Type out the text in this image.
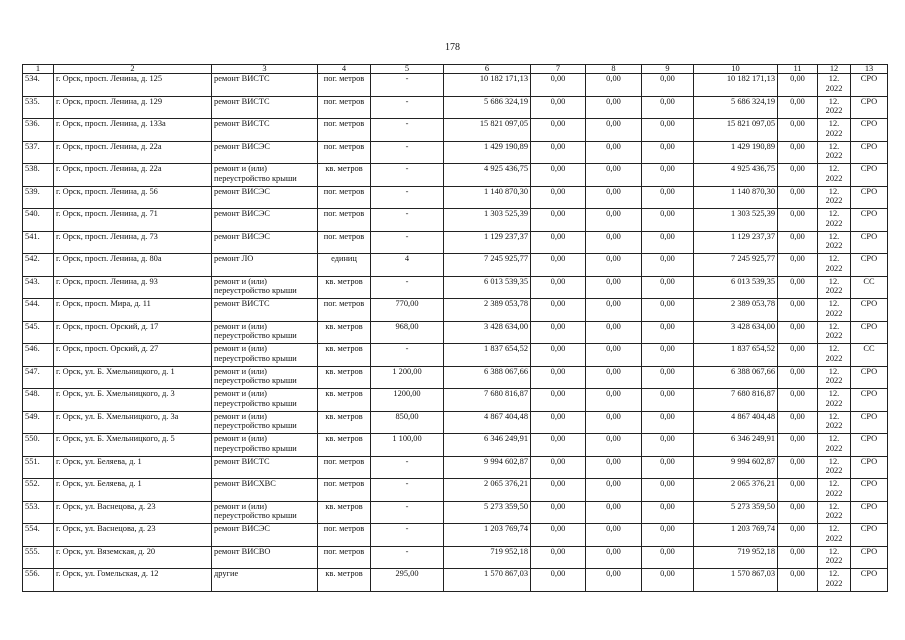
178
1	2	3	4	5	6	7	8	9	10	11	12	13
534.	г. Орск, просп. Ленина, д. 125	ремонт ВИСТС	пог. метров	-	10 182 171,13	0,00	0,00	0,00	10 182 171,13	0,00	12. 2022	СРО
535.	г. Орск, просп. Ленина, д. 129	ремонт ВИСТС	пог. метров	-	5 686 324,19	0,00	0,00	0,00	5 686 324,19	0,00	12. 2022	СРО
536.	г. Орск, просп. Ленина, д. 133а	ремонт ВИСТС	пог. метров	-	15 821 097,05	0,00	0,00	0,00	15 821 097,05	0,00	12. 2022	СРО
537.	г. Орск, просп. Ленина, д. 22а	ремонт ВИСЭС	пог. метров	-	1 429 190,89	0,00	0,00	0,00	1 429 190,89	0,00	12. 2022	СРО
538.	г. Орск, просп. Ленина, д. 22а	ремонт и (или) переустройство крыши	кв. метров	-	4 925 436,75	0,00	0,00	0,00	4 925 436,75	0,00	12. 2022	СРО
539.	г. Орск, просп. Ленина, д. 56	ремонт ВИСЭС	пог. метров	-	1 140 870,30	0,00	0,00	0,00	1 140 870,30	0,00	12. 2022	СРО
540.	г. Орск, просп. Ленина, д. 71	ремонт ВИСЭС	пог. метров	-	1 303 525,39	0,00	0,00	0,00	1 303 525,39	0,00	12. 2022	СРО
541.	г. Орск, просп. Ленина, д. 73	ремонт ВИСЭС	пог. метров	-	1 129 237,37	0,00	0,00	0,00	1 129 237,37	0,00	12. 2022	СРО
542.	г. Орск, просп. Ленина, д. 80а	ремонт ЛО	единиц	4	7 245 925,77	0,00	0,00	0,00	7 245 925,77	0,00	12. 2022	СРО
543.	г. Орск, просп. Ленина, д. 93	ремонт и (или) переустройство крыши	кв. метров	-	6 013 539,35	0,00	0,00	0,00	6 013 539,35	0,00	12. 2022	СС
544.	г. Орск, просп. Мира, д. 11	ремонт ВИСТС	пог. метров	770,00	2 389 053,78	0,00	0,00	0,00	2 389 053,78	0,00	12. 2022	СРО
545.	г. Орск, просп. Орский, д. 17	ремонт и (или) переустройство крыши	кв. метров	968,00	3 428 634,00	0,00	0,00	0,00	3 428 634,00	0,00	12. 2022	СРО
546.	г. Орск, просп. Орский, д. 27	ремонт и (или) переустройство крыши	кв. метров	-	1 837 654,52	0,00	0,00	0,00	1 837 654,52	0,00	12. 2022	СС
547.	г. Орск, ул. Б. Хмельницкого, д. 1	ремонт и (или) переустройство крыши	кв. метров	1 200,00	6 388 067,66	0,00	0,00	0,00	6 388 067,66	0,00	12. 2022	СРО
548.	г. Орск, ул. Б. Хмельницкого, д. 3	ремонт и (или) переустройство крыши	кв. метров	1200,00	7 680 816,87	0,00	0,00	0,00	7 680 816,87	0,00	12. 2022	СРО
549.	г. Орск, ул. Б. Хмельницкого, д. 3а	ремонт и (или) переустройство крыши	кв. метров	850,00	4 867 404,48	0,00	0,00	0,00	4 867 404,48	0,00	12. 2022	СРО
550.	г. Орск, ул. Б. Хмельницкого, д. 5	ремонт и (или) переустройство крыши	кв. метров	1 100,00	6 346 249,91	0,00	0,00	0,00	6 346 249,91	0,00	12. 2022	СРО
551.	г. Орск, ул. Беляева, д. 1	ремонт ВИСТС	пог. метров	-	9 994 602,87	0,00	0,00	0,00	9 994 602,87	0,00	12. 2022	СРО
552.	г. Орск, ул. Беляева, д. 1	ремонт ВИСХВС	пог. метров	-	2 065 376,21	0,00	0,00	0,00	2 065 376,21	0,00	12. 2022	СРО
553.	г. Орск, ул. Васнецова, д. 23	ремонт и (или) переустройство крыши	кв. метров	-	5 273 359,50	0,00	0,00	0,00	5 273 359,50	0,00	12. 2022	СРО
554.	г. Орск, ул. Васнецова, д. 23	ремонт ВИСЭС	пог. метров	-	1 203 769,74	0,00	0,00	0,00	1 203 769,74	0,00	12. 2022	СРО
555.	г. Орск, ул. Вяземская, д. 20	ремонт ВИСВО	пог. метров	-	719 952,18	0,00	0,00	0,00	719 952,18	0,00	12. 2022	СРО
556.	г. Орск, ул. Гомельская, д. 12	другие	кв. метров	295,00	1 570 867,03	0,00	0,00	0,00	1 570 867,03	0,00	12. 2022	СРО
